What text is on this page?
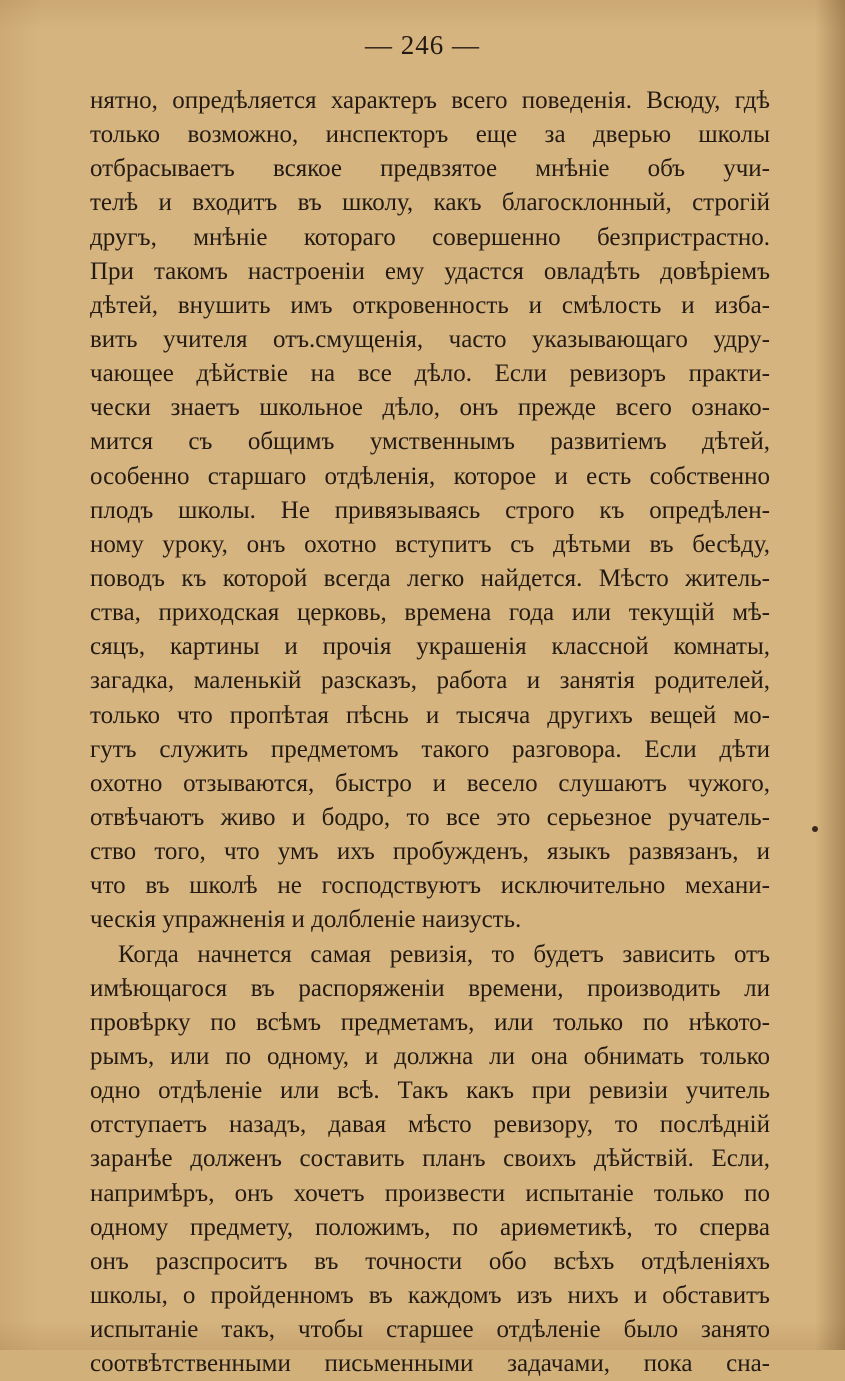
— 246 —
нятно, опредѣляется характеръ всего поведенія. Всюду, гдѣ
только возможно, инспекторъ еще за дверью школы
отбрасываетъ всякое предвзятое мнѣніе объ учи-
телѣ и входитъ въ школу, какъ благосклонный, строгій
другъ, мнѣніе котораго совершенно безпристрастно.
При такомъ настроеніи ему удастся овладѣть довѣріемъ
дѣтей, внушить имъ откровенность и смѣлость и изба-
вить учителя отъ.смущенія, часто указывающаго удру-
чающее дѣйствіе на все дѣло. Если ревизоръ практи-
чески знаетъ школьное дѣло, онъ прежде всего ознако-
мится съ общимъ умственнымъ развитіемъ дѣтей,
особенно старшаго отдѣленія, которое и есть собственно
плодъ школы. Не привязываясь строго къ опредѣлен-
ному уроку, онъ охотно вступитъ съ дѣтьми въ бесѣду,
поводъ къ которой всегда легко найдется. Мѣсто житель-
ства, приходская церковь, времена года или текущій мѣ-
сяцъ, картины и прочія украшенія классной комнаты,
загадка, маленькій разсказъ, работа и занятія родителей,
только что пропѣтая пѣснь и тысяча другихъ вещей мо-
гутъ служить предметомъ такого разговора. Если дѣти
охотно отзываются, быстро и весело слушаютъ чужого,
отвѣчаютъ живо и бодро, то все это серьезное ручатель-
ство того, что умъ ихъ пробужденъ, языкъ развязанъ, и
что въ школѣ не господствуютъ исключительно механи-
ческія упражненія и долбленіе наизусть.
Когда начнется самая ревизія, то будетъ зависить отъ
имѣющагося въ распоряженіи времени, производить ли
провѣрку по всѣмъ предметамъ, или только по нѣкото-
рымъ, или по одному, и должна ли она обнимать только
одно отдѣленіе или всѣ. Такъ какъ при ревизіи учитель
отступаетъ назадъ, давая мѣсто ревизору, то послѣдній
заранѣе долженъ составить планъ своихъ дѣйствій. Если,
напримѣръ, онъ хочетъ произвести испытаніе только по
одному предмету, положимъ, по ариѳметикѣ, то сперва
онъ разспроситъ въ точности обо всѣхъ отдѣленіяхъ
школы, о пройденномъ въ каждомъ изъ нихъ и обставитъ
испытаніе такъ, чтобы старшее отдѣленіе было занято
соотвѣтственными письменными задачами, пока сна-
